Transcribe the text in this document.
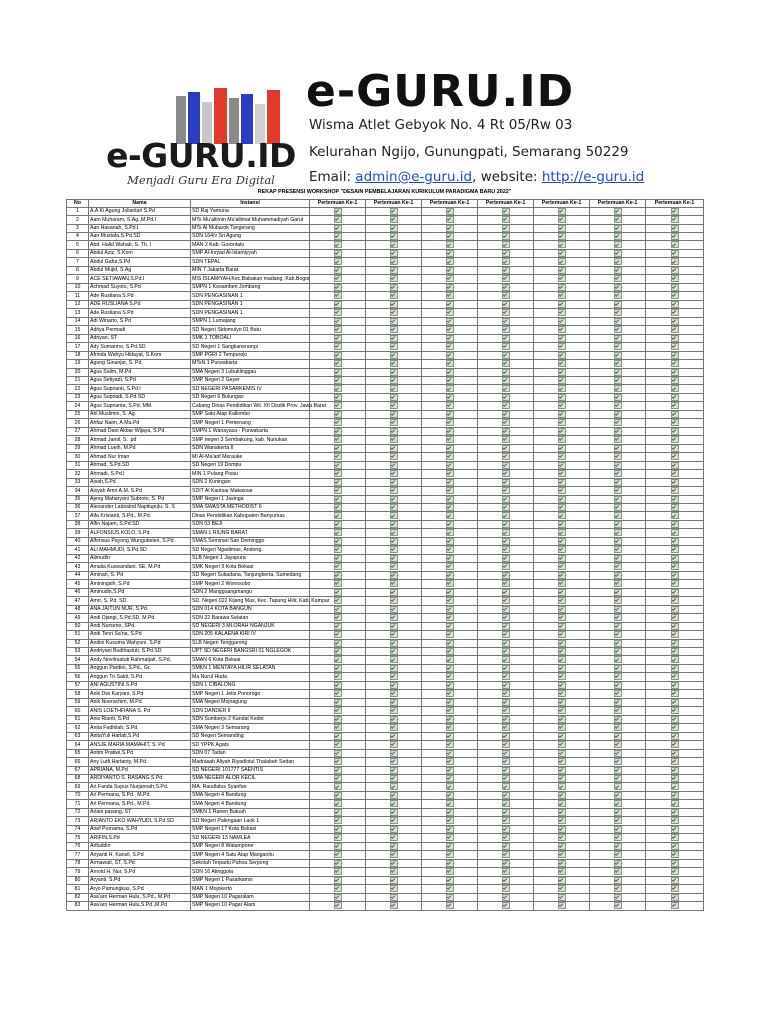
e-GURU.ID
Menjadi Guru Era Digital
e-GURU.ID
Wisma Atlet Gebyok No. 4 Rt 05/Rw 03
Kelurahan Ngijo, Gunungpati, Semarang 50229
Email: admin@e-guru.id, website: http://e-guru.id
REKAP PRESENSI WORKSHOP "DESAIN PEMBELAJARAN KURIKULUM PARADIGMA BARU 2022"
No	Nama	Instansi	Pertemuan Ke-1	Pertemuan Ke-1	Pertemuan Ke-1	Pertemuan Ke-1	Pertemuan Ke-1	Pertemuan Ke-1	Pertemuan Ke-1
1	A.A Ki Agung Julianlari S.Pd	SD Raj Yamuna							
2	Aam Muharam, S.Ag.,M.Pd.I	MTs Mu'allimin Mu'allimat Muhammadiyah Garut							
3	Aan Hasanah, S.Pd.I	MTs Al Mubarok Tangerang							
4	Aan Mustafa,S.Pd.SD	SDN 164/v Sri Agung							
5	Abd. Halid Wahab, S. Th. I	MAN 2 Kab. Gorontalo							
6	Abdul Aziz, S.Kom	SMP Al-Irsyad Al-Islamiyyah							
7	Abdul Gafur,S.Pd	SDN TEPAL							
8	Abdul Mujid, S.Ag	MIN 7 Jakarta Barat							
9	ACE SETIAWAN,S.Pd.I	MIS ISLAMIYAH,Kec.Babakan madang ,Kab.Bogor							
10	Achmad Suyoto, S.Pd	SMPN 1 Kesamben Jombang							
11	Ade Rusliana S.Pd	SDN PENGASINAN 1							
12	ADE RUSLIANA S.Pd	SDN PENGASINAN 1							
13	Ade Rusliana S.Pd	SDN PENGASINAN 1							
14	Adi Winarto, S.Pd	SMPN 1 Lumajang							
15	Aditya Permadi	SD Negeri Sidomulyo 01 Batu							
16	Adriyan, ST	SMK 1 TOBOALI							
17	Ady Sumarmo, S.Pd.SD	SD Negeri 1 Sangkanerampi							
18	Afrinda Wahyu Hidayat, S.Kom	SMP PGRI 2 Tempurejo							
19	Agung Ginanjar, S. Pd.	MTsN 1 Purwakarta							
20	Agus Salim, M.Pd	SMA Negeri 3 Lubuklinggau							
21	Agus Setiyadi, S.Pd	SMP Negeri 2 Geyer							
22	Agus Suprianti, S.Pd.I	SD NEGERI PASARKEMIS IV							
23	Agus Supriadi, S.Pd.SD	SD Negeri 6 Bulungan							
24	Agus Suprianta, S.Pd. MM.	Cabang Dinas Pendidikan Wil. XII Disdik Prov. Jawa Barat							
25	Ahl Muslimin, S. Ag.	SMP Satu Atap Kallombo							
26	Ahfaz Naim, A.Ma.Pd	SMP Negeri 1 Pemenang							
27	Ahmad Dani Akbar Wijaya, S.Pd.	SMPN 1 Wanayasa - Purwakarta							
28	Ahmad Jamil, S. .pd	SMP negeri 3 Sembakung, kab. Nunukan							
29	Ahmad Lueih, M.Pd	SDN Wanakerta II							
30	Ahmad Nur Iman	MI Al-Ma'arif Merauke							
31	Ahmad, S.Pd.SD	SD Negeri 19 Dompu							
32	Ahmadi, S.Pd.I	MIN 1 Pulang Pisau							
33	Aisah,S.Pd	SDN 2 Kuningan							
34	Aisyah Amri A.M, S.Pd	SDIT Al Kautsar Makassar							
35	Ajeng Maharyani Subroto, S. Pd	SMP Negeri 1 Jasinga							
36	Alexander Ladzalod Napitupulu, S. S	SMA SWASTA METHODIST 6							
37	Alfa Kristanti, S.Pd., M.Pd.	Dinas Pendidikan Kabupaten Banyumas							
38	Alfin Najam, S.Pd.SD	SDN 03 BEJI							
39	ALFONSIUS KOLO, S.Pd	SMAN 1 RIUNG BARAT							
40	Alfonsus Payong Wungubelen, S.Pd.	SMAS Seminari San Dominggo							
41	ALI MAHMUDI, S.Pd.SD	SD Negeri Ngadimas, Andong.							
42	Alimudin	SLB Negeri 1 Jayapura							
43	Amalia Kuswandani. SE, M.Pd	SMK Negeri 9 Kota Bekasi							
44	Aminah, S. Pd	SD Negeri Sukadana, Tanjungkerta, Sumedang							
45	Aminingsih, S.Pd	SMP Negeri 2 Wonosobo							
46	Aminudin,S.Pd	SDN 2 Mangguangmangu							
47	Amri, S. Pd. SD.	SD. Negeri 022 Kijang Mas, Kec. Tapung Hilir, Kab. Kampar							
48	ANA JAITUN NUR, S.Pd.	SDN 014 KOTA BANGUN							
49	Andi Djangi, S.Pd.SD, M.Pd	SDN 32 Barawa Selatan							
50	Andi Nurseno, SPd.	SD NEGERI 3 MLORAH NGANJUK							
51	Andi Tenri Sa'na, S.Pd	SDN 205 KALAENA KIRI IV							
52	Andini Kusuma Wahyuni, S.Pd	SLB Negeri Tenggarong							
53	Andriyani Budihastuti, S.Pd.SD	UPT SD NEGERI BANGSRI 01 NGLEGOK							
54	Andy Novitrastuti Rahmatjati, S.Pd,	SMAN 6 Kota Bekasi							
55	Anggun Pardini, S.Pd., Gr.	SMKN 1 MENTAYA HILIR SELATAN							
56	Anggun Tri Sakti, S.Pd	Ma Nurul Huda							
57	ANI AGUSTINI.S.Pd	SDN 1 CIBALONG							
58	Anik Dwi Karyani, S.Pd	SMP Negeri 1 Jetis Ponorogo							
59	Anik Noerachim, M.Pd.	SMA Negeri Mojoagung							
60	ANIS LOETHFIANA S. Pd	SDN DANDER II							
61	Anis Rianti, S.Pd	SDN Sumberjo 2 Kandat Kediri							
62	Anita Fadhilah, S.Pd	SMA Negeri 3 Semarang							
63	AnitaYuli Harlati,S.Pd	SD Negeri Semanding							
64	ANSJE MARIA MAMAHIT, S. Pd	SD YPPK Agats							
65	Antim Pratiwi,S.Pd	SDN 07 Tadan							
66	Any Lutfi Hartanty, M.Pd.	Madrasah Aliyah Riyadlotul Thalabah Sedan							
67	APRIANA, M.Pd	SD NEGERI 101777 SAENTIS							
68	ARDIYANTO S. RASANG S.Pd	SMA NEGERI ALOR KECIL							
69	Ari Fanda Supus Nurjannah,S.Pd.	MA. Raudlatus Syanfan							
70	Ari Permana, S.Pd., M.Pd.	SMA Negeri 4 Bandung							
71	Ari Permana, S.Pd., M.Pd.	SMA Negeri 4 Bandung							
72	Ariani pasang, ST	SMKN 1 Ranen Batuah							
73	ARIANTO EKO WAHYUDI, S.Pd.SD	SD Negeri Palengaan Laok 1							
74	Arief Purnama, S.Pd	SMP Negeri 17 Kota Bekasi							
75	ARIFIN,S.Pd	SD NEGERI 13 NAMLEA							
76	Arifuddin	SMP Negeri 8 Watampone							
77	Ariyanti H. Kansil, S.Pd	SMP Negeri 4 Satu Atap Manganitu							
78	Armawati, ST, S.Pd	Sekolah Terpadu Pahoa Serpong							
79	Arnold H. Nur, S.Pd	SDN 16 Atinggola							
80	Aryanti, S.Pd	SMP Negeri 1 Pasarkamis							
81	Aryo Pamungkas, S.Pd	MAN 1 Mojokerto							
82	Asa'aro Herman Hulu, S.Pd., M.Pd	SMP Negeri 10 Pagaralam							
83	Asa'aro Herman Hulu,S.Pd.,M.Pd	SMP Negeri 10 Pagar Alam							
